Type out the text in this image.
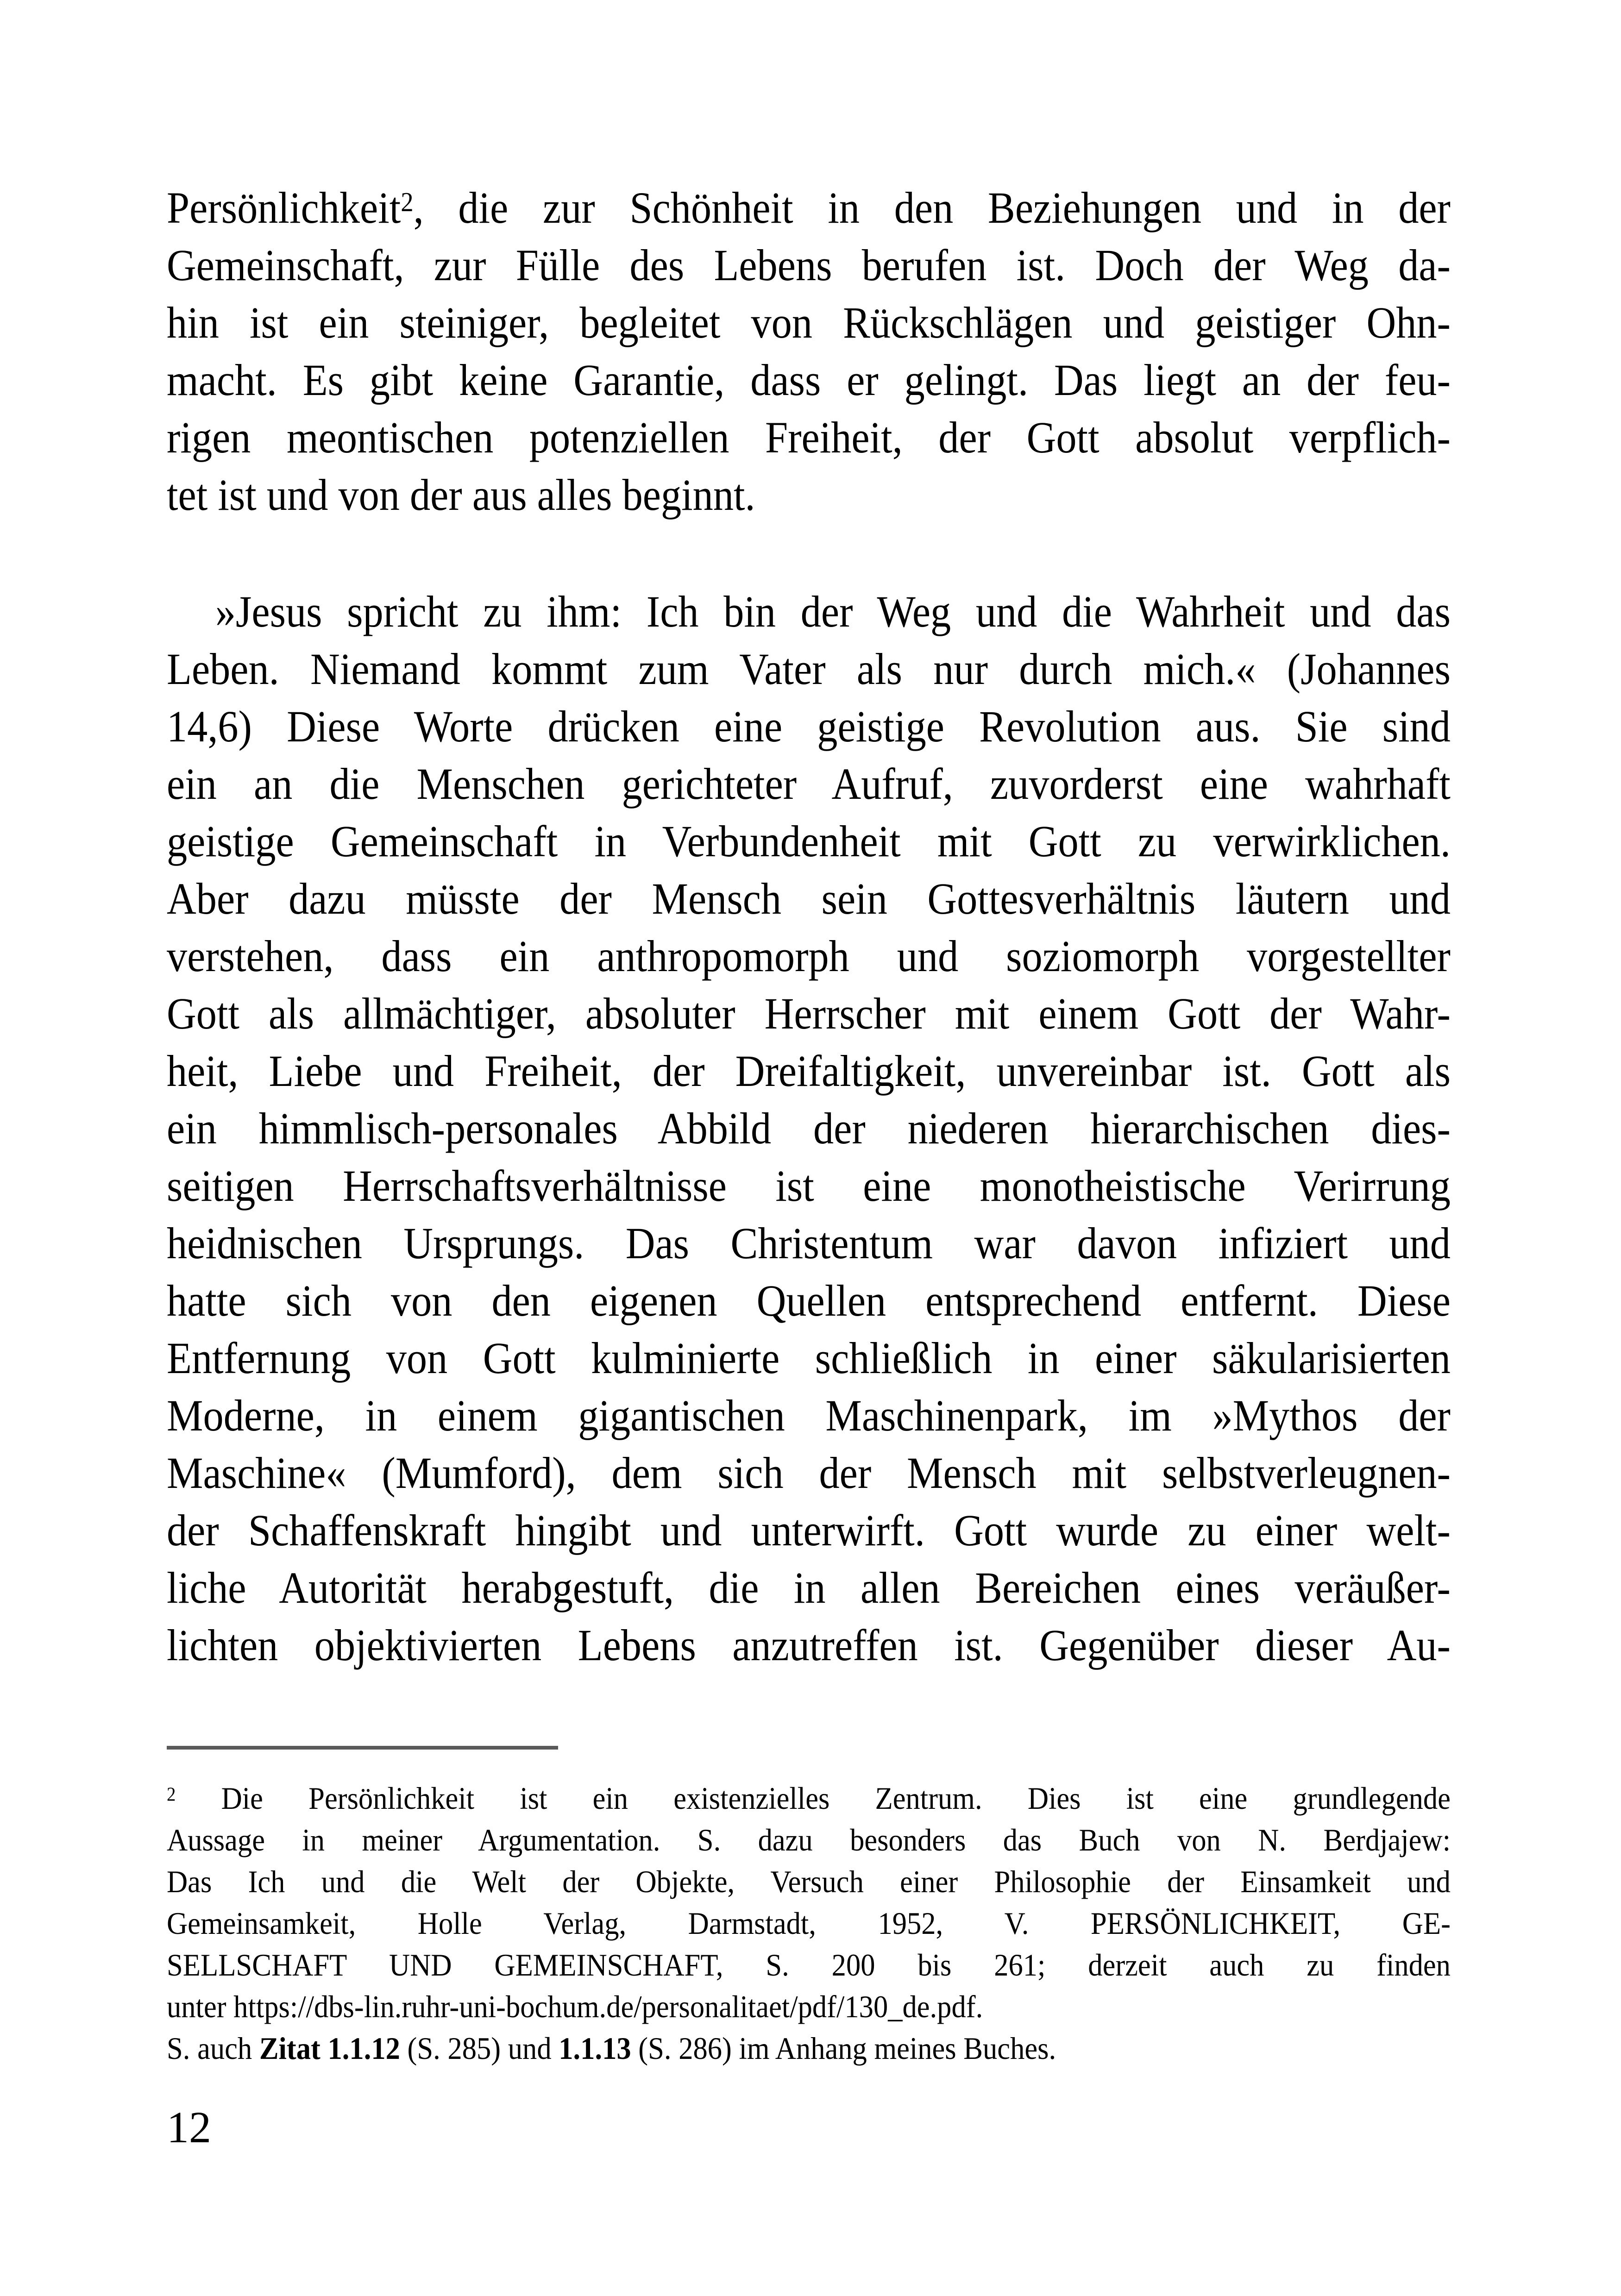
Persönlichkeit$^2$, die zur Schönheit in den Beziehungen und in der
Gemeinschaft, zur Fülle des Lebens berufen ist. Doch der Weg da-
hin ist ein steiniger, begleitet von Rückschlägen und geistiger Ohn-
macht. Es gibt keine Garantie, dass er gelingt. Das liegt an der feu-
rigen meontischen potenziellen Freiheit, der Gott absolut verpflich-
tet ist und von der aus alles beginnt.
»Jesus spricht zu ihm: Ich bin der Weg und die Wahrheit und das
Leben. Niemand kommt zum Vater als nur durch mich.« (Johannes
14,6) Diese Worte drücken eine geistige Revolution aus. Sie sind
ein an die Menschen gerichteter Aufruf, zuvorderst eine wahrhaft
geistige Gemeinschaft in Verbundenheit mit Gott zu verwirklichen.
Aber dazu müsste der Mensch sein Gottesverhältnis läutern und
verstehen, dass ein anthropomorph und soziomorph vorgestellter
Gott als allmächtiger, absoluter Herrscher mit einem Gott der Wahr-
heit, Liebe und Freiheit, der Dreifaltigkeit, unvereinbar ist. Gott als
ein himmlisch-personales Abbild der niederen hierarchischen dies-
seitigen Herrschaftsverhältnisse ist eine monotheistische Verirrung
heidnischen Ursprungs. Das Christentum war davon infiziert und
hatte sich von den eigenen Quellen entsprechend entfernt. Diese
Entfernung von Gott kulminierte schließlich in einer säkularisierten
Moderne, in einem gigantischen Maschinenpark, im »Mythos der
Maschine« (Mumford), dem sich der Mensch mit selbstverleugnen-
der Schaffenskraft hingibt und unterwirft. Gott wurde zu einer welt-
liche Autorität herabgestuft, die in allen Bereichen eines veräußer-
lichten objektivierten Lebens anzutreffen ist. Gegenüber dieser Au-
$^2$ Die Persönlichkeit ist ein existenzielles Zentrum. Dies ist eine grundlegende
Aussage in meiner Argumentation. S. dazu besonders das Buch von N. Berdjajew:
Das Ich und die Welt der Objekte, Versuch einer Philosophie der Einsamkeit und
Gemeinsamkeit, Holle Verlag, Darmstadt, 1952, V. PERSÖNLICHKEIT, GE-
SELLSCHAFT UND GEMEINSCHAFT, S. 200 bis 261; derzeit auch zu finden
unter https://dbs-lin.ruhr-uni-bochum.de/personalitaet/pdf/130_de.pdf.
S. auch Zitat 1.1.12 (S. 285) und 1.1.13 (S. 286) im Anhang meines Buches.
12
